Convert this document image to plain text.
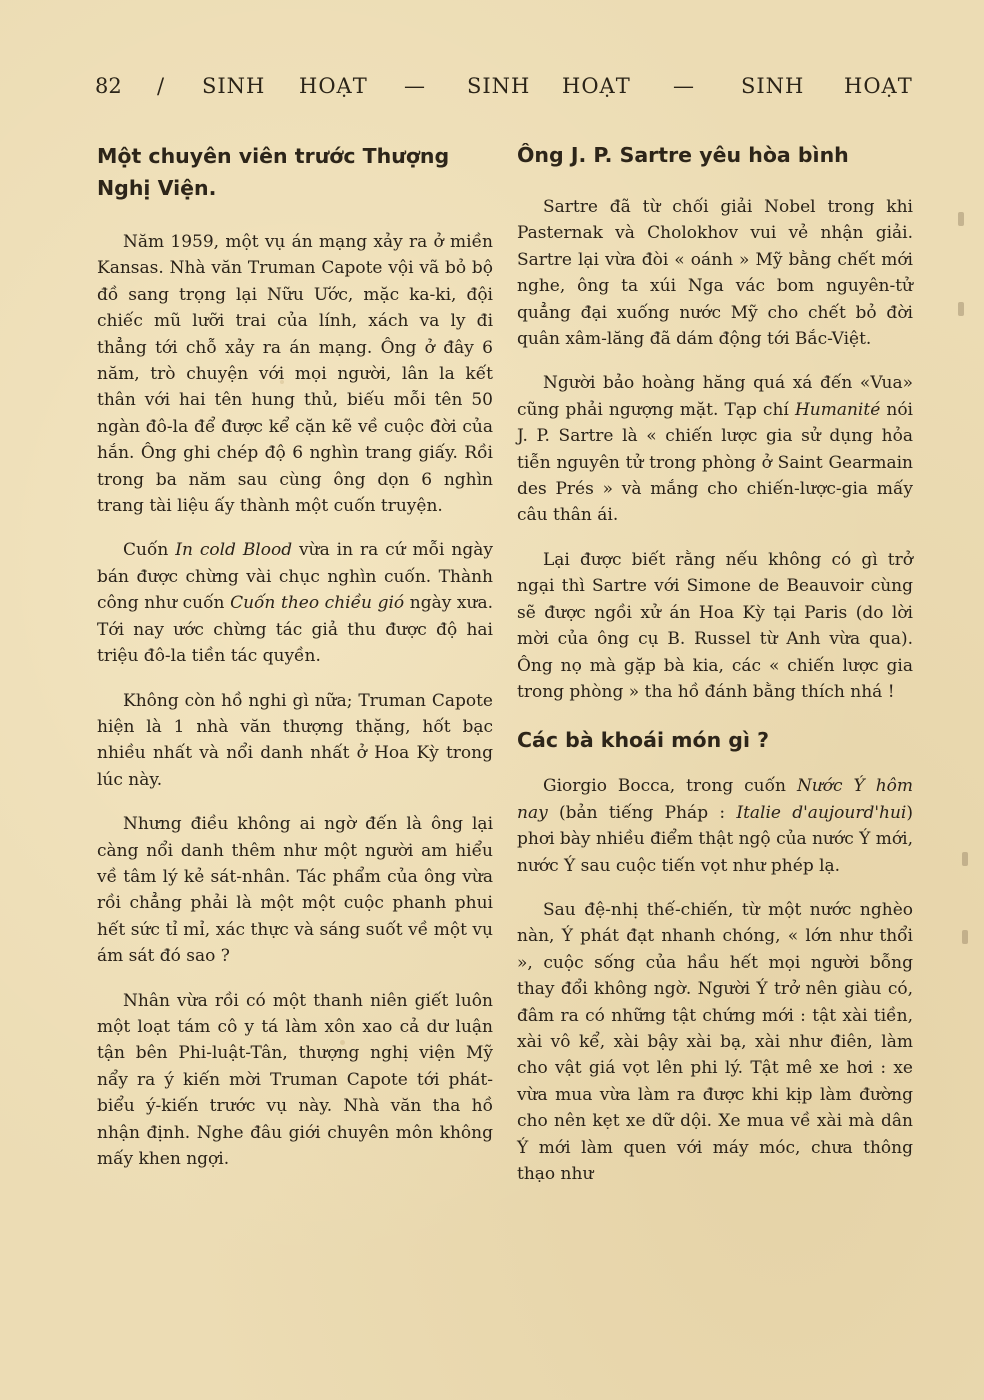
82 / SINH HOẠT — SINH HOẠT — SINH HOẠT
Một chuyên viên trước Thượng
Nghị Viện.

Năm 1959, một vụ án mạng xảy ra ở miền Kansas. Nhà văn Truman Capote vội vã bỏ bộ đồ sang trọng lại Nữu Ước, mặc ka-ki, đội chiếc mũ lưỡi trai của lính, xách va ly đi thẳng tới chỗ xảy ra án mạng. Ông ở đây 6 năm, trò chuyện với mọi người, lân la kết thân với hai tên hung thủ, biếu mỗi tên 50 ngàn đô-la để được kể cặn kẽ về cuộc đời của hắn. Ông ghi chép độ 6 nghìn trang giấy. Rồi trong ba năm sau cùng ông dọn 6 nghìn trang tài liệu ấy thành một cuốn truyện.

Cuốn In cold Blood vừa in ra cứ mỗi ngày bán được chừng vài chục nghìn cuốn. Thành công như cuốn Cuốn theo chiều gió ngày xưa. Tới nay ước chừng tác giả thu được độ hai triệu đô-la tiền tác quyền.

Không còn hồ nghi gì nữa; Truman Capote hiện là 1 nhà văn thượng thặng, hốt bạc nhiều nhất và nổi danh nhất ở Hoa Kỳ trong lúc này.

Nhưng điều không ai ngờ đến là ông lại càng nổi danh thêm như một người am hiểu về tâm lý kẻ sát-nhân. Tác phẩm của ông vừa rồi chẳng phải là một một cuộc phanh phui hết sức tỉ mỉ, xác thực và sáng suốt về một vụ ám sát đó sao ?

Nhân vừa rồi có một thanh niên giết luôn một loạt tám cô y tá làm xôn xao cả dư luận tận bên Phi-luật-Tân, thượng nghị viện Mỹ nẩy ra ý kiến mời Truman Capote tới phát-biểu ý-kiến trước vụ này. Nhà văn tha hồ nhận định. Nghe đâu giới chuyên môn không mấy khen ngợi.

Ông J. P. Sartre yêu hòa bình

Sartre đã từ chối giải Nobel trong khi Pasternak và Cholokhov vui vẻ nhận giải. Sartre lại vừa đòi « oánh » Mỹ bằng chết mới nghe, ông ta xúi Nga vác bom nguyên-tử quẳng đại xuống nước Mỹ cho chết bỏ đời quân xâm-lăng đã dám động tới Bắc-Việt.

Người bảo hoàng hăng quá xá đến «Vua» cũng phải ngượng mặt. Tạp chí Humanité nói J. P. Sartre là « chiến lược gia sử dụng hỏa tiễn nguyên tử trong phòng ở Saint Gearmain des Prés » và mắng cho chiến-lược-gia mấy câu thân ái.

Lại được biết rằng nếu không có gì trở ngại thì Sartre với Simone de Beauvoir cùng sẽ được ngồi xử án Hoa Kỳ tại Paris (do lời mời của ông cụ B. Russel từ Anh vừa qua). Ông nọ mà gặp bà kia, các « chiến lược gia trong phòng » tha hồ đánh bằng thích nhá !

Các bà khoái món gì ?

Giorgio Bocca, trong cuốn Nước Ý hôm nay (bản tiếng Pháp : Italie d'aujourd'hui) phơi bày nhiều điểm thật ngộ của nước Ý mới, nước Ý sau cuộc tiến vọt như phép lạ.

Sau đệ-nhị thế-chiến, từ một nước nghèo nàn, Ý phát đạt nhanh chóng, « lớn như thổi », cuộc sống của hầu hết mọi người bỗng thay đổi không ngờ. Người Ý trở nên giàu có, đâm ra có những tật chứng mới : tật xài tiền, xài vô kể, xài bậy xài bạ, xài như điên, làm cho vật giá vọt lên phi lý. Tật mê xe hơi : xe vừa mua vừa làm ra được khi kịp làm đường cho nên kẹt xe dữ dội. Xe mua về xài mà dân Ý mới làm quen với máy móc, chưa thông thạo như
